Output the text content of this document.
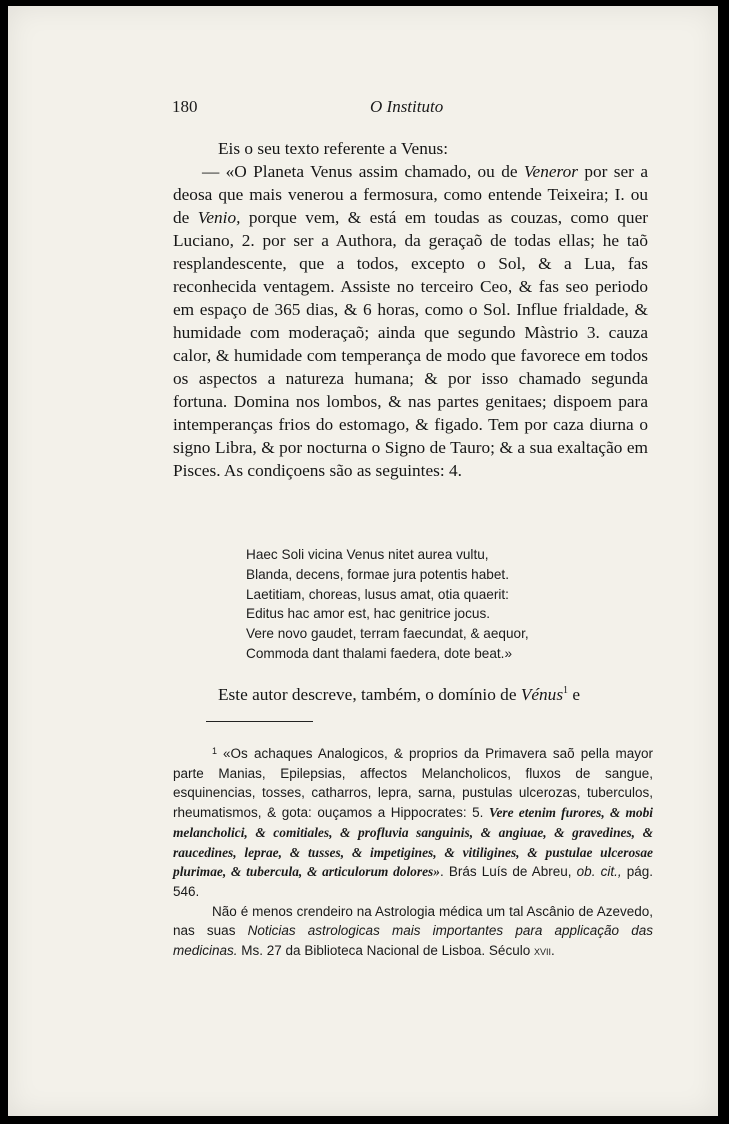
180	O Instituto

Eis o seu texto referente a Venus:

— «O Planeta Venus assim chamado, ou de Veneror por ser a deosa que mais venerou a fermosura, como entende Teixeira; I. ou de Venio, porque vem, & está em toudas as couzas, como quer Luciano, 2. por ser a Authora, da geraçaõ de todas ellas; he taõ resplandescente, que a todos, excepto o Sol, & a Lua, fas reconhecida ventagem. Assiste no terceiro Ceo, & fas seo periodo em espaço de 365 dias, & 6 horas, como o Sol. Influe frialdade, & humidade com moderaçaõ; ainda que segundo Màstrio 3. cauza calor, & humidade com temperança de modo que favorece em todos os aspectos a natureza humana; & por isso chamado segunda fortuna. Domina nos lombos, & nas partes genitaes; dispoem para intemperanças frios do estomago, & figado. Tem por caza diurna o signo Libra, & por nocturna o Signo de Tauro; & a sua exaltação em Pisces. As condiçoens são as seguintes: 4.

Haec Soli vicina Venus nitet aurea vultu,
Blanda, decens, formae jura potentis habet.
Laetitiam, choreas, lusus amat, otia quaerit:
Editus hac amor est, hac genitrice jocus.
Vere novo gaudet, terram faecundat, & aequor,
Commoda dant thalami faedera, dote beat.»
Este autor descreve, também, o domínio de Vénus$^1$ e

$^1$ «Os achaques Analogicos, & proprios da Primavera saõ pella mayor parte Manias, Epilepsias, affectos Melancholicos, fluxos de sangue, esquinencias, tosses, catharros, lepra, sarna, pustulas ulcerozas, tuberculos, rheumatismos, & gota: ouçamos a Hippocrates: 5. Vere etenim furores, & mobi melancholici, & comitiales, & profluvia sanguinis, & angiuae, & gravedines, & raucedines, leprae, & tusses, & impetigines, & vitiligines, & pustulae ulcerosae plurimae, & tubercula, & articulorum dolores». Brás Luís de Abreu, ob. cit., pág. 546.

Não é menos crendeiro na Astrologia médica um tal Ascânio de Azevedo, nas suas Noticias astrologicas mais importantes para applicação das medicinas. Ms. 27 da Biblioteca Nacional de Lisboa. Século xvii.
